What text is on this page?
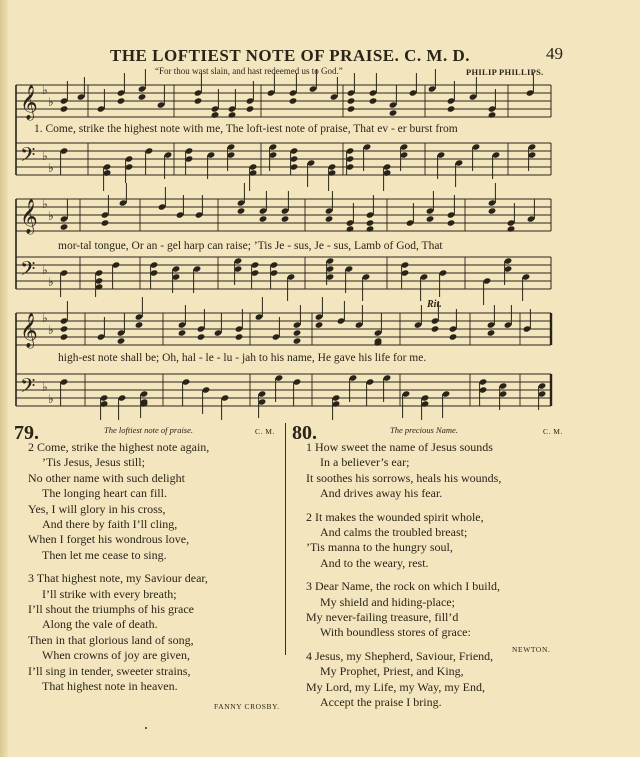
49
THE LOFTIEST NOTE OF PRAISE. C. M. D.
“For thou wast slain, and hast redeemed us to God.”	PHILIP PHILLIPS.
𝄞 ♭
♭
𝄢 ♭
♭
𝄞 ♭
♭
𝄢 ♭
♭
𝄞 ♭
♭
𝄢 ♭
♭
1. Come, strike the highest note with me, The loft-iest note of praise, That ev - er burst from
mor-tal tongue, Or an - gel harp can raise; ’Tis Je - sus, Je - sus, Lamb of God, That
high-est note shall be; Oh, hal - le - lu - jah to his name, He gave his life for me.
Rit.
79.	The loftiest note of praise.	C. M.
2 Come, strike the highest note again,
’Tis Jesus, Jesus still;
No other name with such delight
The longing heart can fill.
Yes, I will glory in his cross,
And there by faith I’ll cling,
When I forget his wondrous love,
Then let me cease to sing.
3 That highest note, my Saviour dear,
I’ll strike with every breath;
I’ll shout the triumphs of his grace
Along the vale of death.
Then in that glorious land of song,
When crowns of joy are given,
I’ll sing in tender, sweeter strains,
That highest note in heaven.
FANNY CROSBY.
80.	The precious Name.	C. M.
1 How sweet the name of Jesus sounds
In a believer’s ear;
It soothes his sorrows, heals his wounds,
And drives away his fear.
2 It makes the wounded spirit whole,
And calms the troubled breast;
’Tis manna to the hungry soul,
And to the weary, rest.
3 Dear Name, the rock on which I build,
My shield and hiding-place;
My never-failing treasure, fill’d
With boundless stores of grace:
4 Jesus, my Shepherd, Saviour, Friend,
My Prophet, Priest, and King,
My Lord, my Life, my Way, my End,
Accept the praise I bring.
NEWTON.
